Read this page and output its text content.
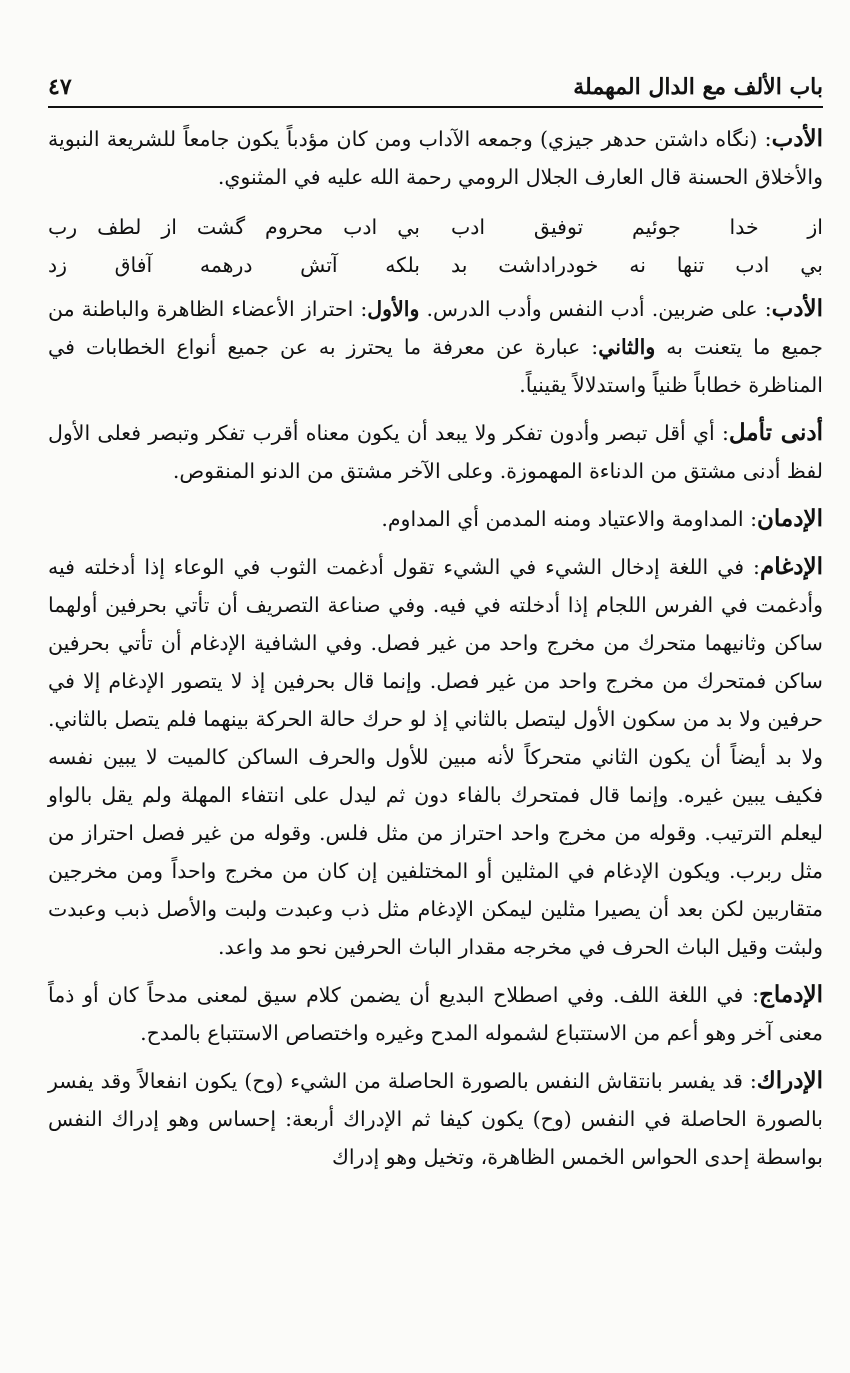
باب الألف مع الدال المهملة
٤٧

الأدب: (نگاه داشتن حدهر جيزي) وجمعه الآداب ومن كان مؤدباً يكون جامعاً للشريعة النبوية والأخلاق الحسنة قال العارف الجلال الرومي رحمة الله عليه في المثنوي.

از خدا جوئيم توفيق ادب
بي ادب محروم گشت از لطف رب
بي ادب تنها نه خودراداشت بد
بلكه آتش درهمه آفاق زد

الأدب: على ضربين. أدب النفس وأدب الدرس. والأول: احتراز الأعضاء الظاهرة والباطنة من جميع ما يتعنت به والثاني: عبارة عن معرفة ما يحترز به عن جميع أنواع الخطابات في المناظرة خطاباً ظنياً واستدلالاً يقينياً.

أدنى تأمل: أي أقل تبصر وأدون تفكر ولا يبعد أن يكون معناه أقرب تفكر وتبصر فعلى الأول لفظ أدنى مشتق من الدناءة المهموزة. وعلى الآخر مشتق من الدنو المنقوص.

الإدمان: المداومة والاعتياد ومنه المدمن أي المداوم.

الإدغام: في اللغة إدخال الشيء في الشيء تقول أدغمت الثوب في الوعاء إذا أدخلته فيه وأدغمت في الفرس اللجام إذا أدخلته في فيه. وفي صناعة التصريف أن تأتي بحرفين أولهما ساكن وثانيهما متحرك من مخرج واحد من غير فصل. وفي الشافية الإدغام أن تأتي بحرفين ساكن فمتحرك من مخرج واحد من غير فصل. وإنما قال بحرفين إذ لا يتصور الإدغام إلا في حرفين ولا بد من سكون الأول ليتصل بالثاني إذ لو حرك حالة الحركة بينهما فلم يتصل بالثاني. ولا بد أيضاً أن يكون الثاني متحركاً لأنه مبين للأول والحرف الساكن كالميت لا يبين نفسه فكيف يبين غيره. وإنما قال فمتحرك بالفاء دون ثم ليدل على انتفاء المهلة ولم يقل بالواو ليعلم الترتيب. وقوله من مخرج واحد احتراز من مثل فلس. وقوله من غير فصل احتراز من مثل ربرب. ويكون الإدغام في المثلين أو المختلفين إن كان من مخرج واحداً ومن مخرجين متقاربين لكن بعد أن يصيرا مثلين ليمكن الإدغام مثل ذب وعبدت ولبت والأصل ذبب وعبدت ولبثت وقيل الباث الحرف في مخرجه مقدار الباث الحرفين نحو مد واعد.

الإدماج: في اللغة اللف. وفي اصطلاح البديع أن يضمن كلام سيق لمعنى مدحاً كان أو ذماً معنى آخر وهو أعم من الاستتباع لشموله المدح وغيره واختصاص الاستتباع بالمدح.

الإدراك: قد يفسر بانتقاش النفس بالصورة الحاصلة من الشيء (وح) يكون انفعالاً وقد يفسر بالصورة الحاصلة في النفس (وح) يكون كيفا ثم الإدراك أربعة: إحساس وهو إدراك النفس بواسطة إحدى الحواس الخمس الظاهرة، وتخيل وهو إدراك
